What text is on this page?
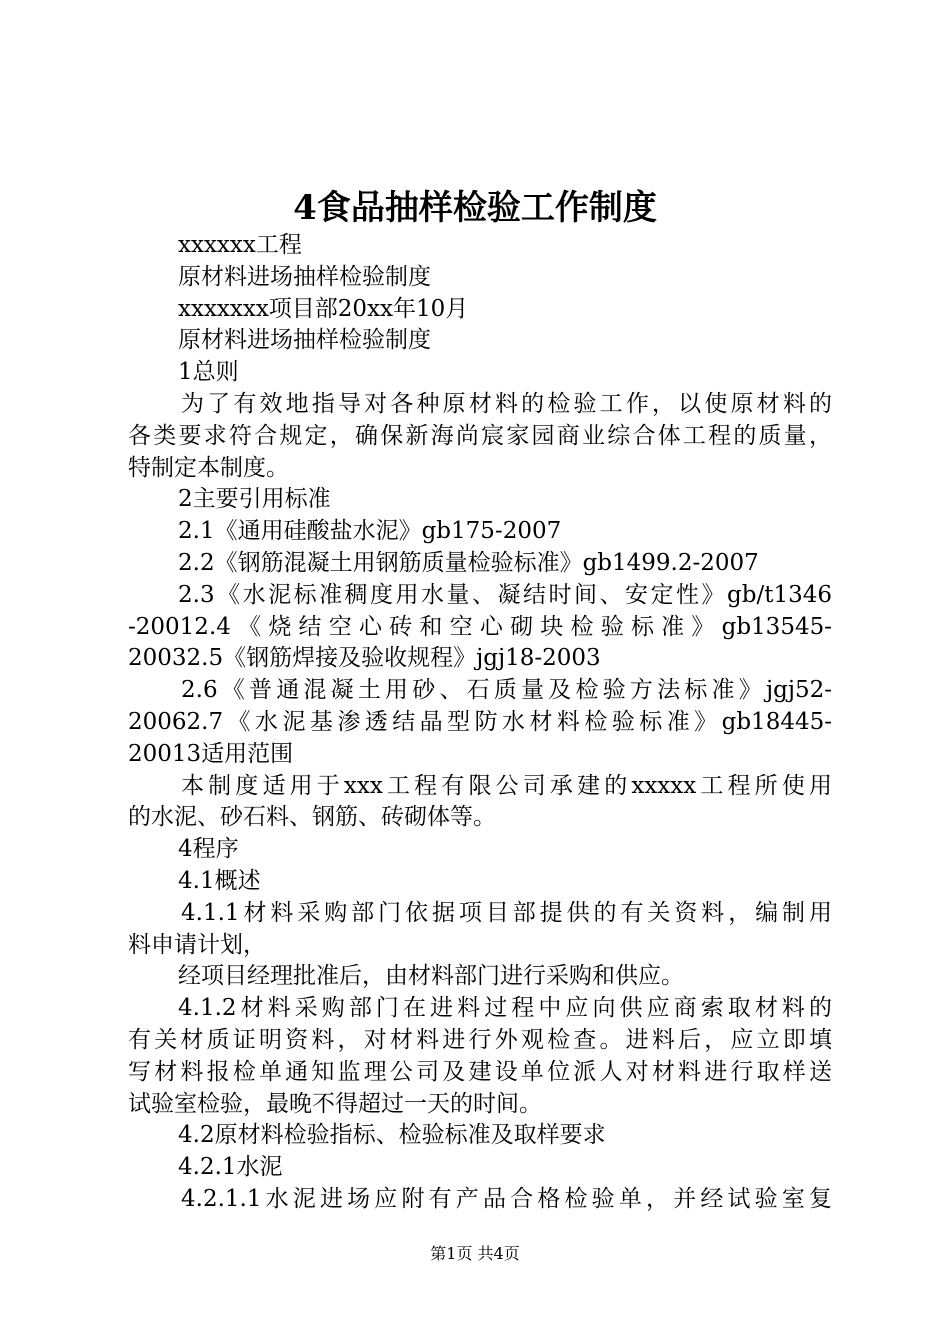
4食品抽样检验工作制度
xxxxxx工程
原材料进场抽样检验制度
xxxxxxx项目部20xx年10月
原材料进场抽样检验制度
1总则
为了有效地指导对各种原材料的检验工作，以使原材料的
各类要求符合规定，确保新海尚宸家园商业综合体工程的质量，
特制定本制度。
2主要引用标准
2.1《通用硅酸盐水泥》gb175-2007
2.2《钢筋混凝土用钢筋质量检验标准》gb1499.2-2007
2.3《水泥标准稠度用水量、凝结时间、安定性》gb/t1346
-20012.4《烧结空心砖和空心砌块检验标准》gb13545-
20032.5《钢筋焊接及验收规程》jgj18-2003
2.6《普通混凝土用砂、石质量及检验方法标准》jgj52-
20062.7《水泥基渗透结晶型防水材料检验标准》gb18445-
20013适用范围
本制度适用于xxx工程有限公司承建的xxxxx工程所使用
的水泥、砂石料、钢筋、砖砌体等。
4程序
4.1概述
4.1.1材料采购部门依据项目部提供的有关资料，编制用
料申请计划，
经项目经理批准后，由材料部门进行采购和供应。
4.1.2材料采购部门在进料过程中应向供应商索取材料的
有关材质证明资料，对材料进行外观检查。进料后，应立即填
写材料报检单通知监理公司及建设单位派人对材料进行取样送
试验室检验，最晚不得超过一天的时间。
4.2原材料检验指标、检验标准及取样要求
4.2.1水泥
4.2.1.1水泥进场应附有产品合格检验单，并经试验室复
第1页 共4页
